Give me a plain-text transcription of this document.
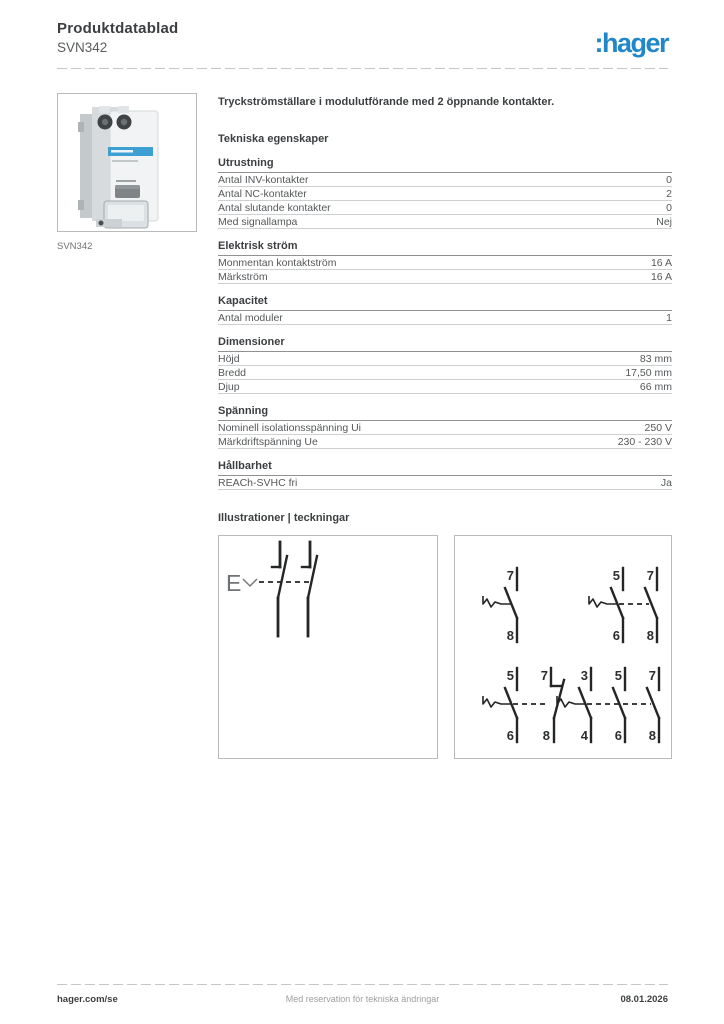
Produktdatablad
SVN342	:hager
SVN342
Tryckströmställare i modulutförande med 2 öppnande kontakter.
Tekniska egenskaper
Utrustning
Antal INV-kontakter	0
Antal NC-kontakter	2
Antal slutande kontakter	0
Med signallampa	Nej
Elektrisk ström
Monmentan kontaktström	16 A
Märkström	16 A
Kapacitet
Antal moduler	1
Dimensioner
Höjd	83 mm
Bredd	17,50 mm
Djup	66 mm
Spänning
Nominell isolationsspänning Ui	250 V
Märkdriftspänning Ue	230 - 230 V
Hållbarhet
REACh-SVHC fri	Ja
Illustrationer | teckningar
E	7
8
5 7
6 8
5 7
6 8
3 5 7
4 6 8
Med reservation för tekniska ändringar
hager.com/se	08.01.2026
